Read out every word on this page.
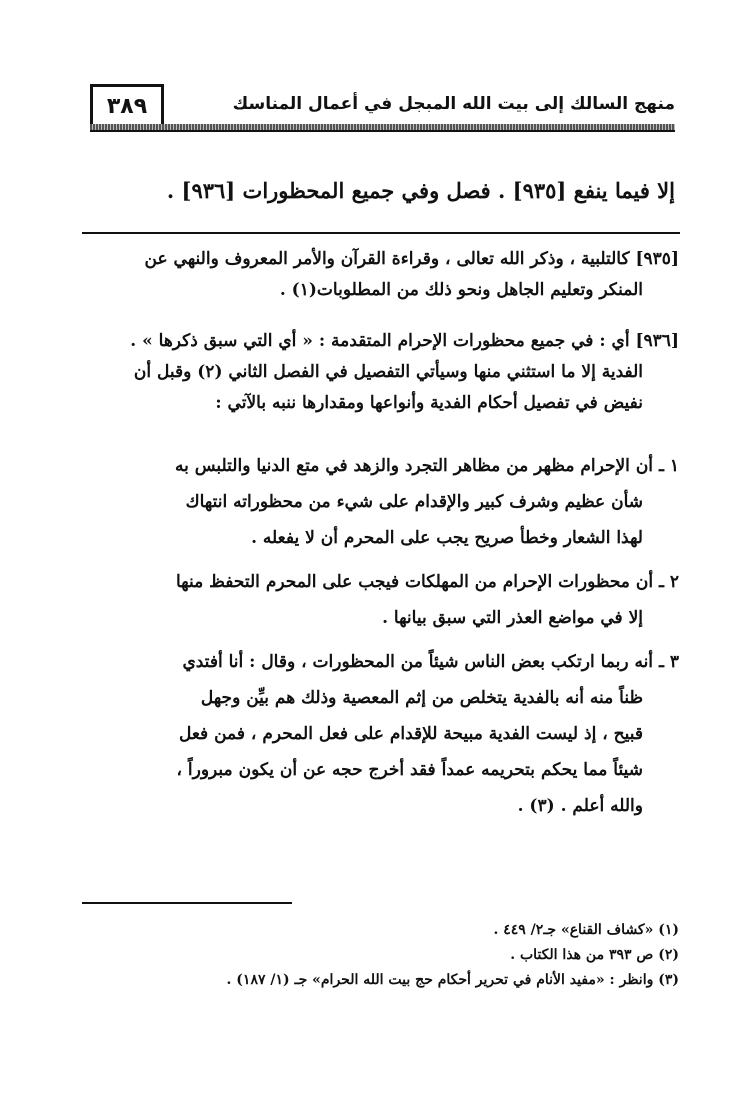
منهج السالك إلى بيت الله المبجل في أعمال المناسك
٣٨٩
إلا فيما ينفع [٩٣٥] . فصل وفي جميع المحظورات [٩٣٦] .

[٩٣٥] كالتلبية ، وذكر الله تعالى ، وقراءة القرآن والأمر المعروف والنهي عن

المنكر وتعليم الجاهل ونحو ذلك من المطلوبات(١) .

[٩٣٦] أي : في جميع محظورات الإحرام المتقدمة : « أي التي سبق ذكرها » .

الفدية إلا ما استثني منها وسيأتي التفصيل في الفصل الثاني (٢) وقبل أن

نفيض في تفصيل أحكام الفدية وأنواعها ومقدارها ننبه بالآتي :

١ ـ أن الإحرام مظهر من مظاهر التجرد والزهد في متع الدنيا والتلبس به

شأن عظيم وشرف كبير والإقدام على شيء من محظوراته انتهاك

لهذا الشعار وخطأ صريح يجب على المحرم أن لا يفعله .

٢ ـ أن محظورات الإحرام من المهلكات فيجب على المحرم التحفظ منها

إلا في مواضع العذر التي سبق بيانها .

٣ ـ أنه ربما ارتكب بعض الناس شيئاً من المحظورات ، وقال : أنا أفتدي

ظناً منه أنه بالفدية يتخلص من إثم المعصية وذلك هم بيِّن وجهل

قبيح ، إذ ليست الفدية مبيحة للإقدام على فعل المحرم ، فمن فعل

شيئاً مما يحكم بتحريمه عمداً فقد أخرج حجه عن أن يكون مبروراً ،

والله أعلم . (٣) .

(١) «كشاف القناع» جـ٢/ ٤٤٩ .

(٢) ص ٣٩٣ من هذا الكتاب .

(٣) وانظر : «مفيد الأنام في تحرير أحكام حج بيت الله الحرام» جـ (١/ ١٨٧) .
